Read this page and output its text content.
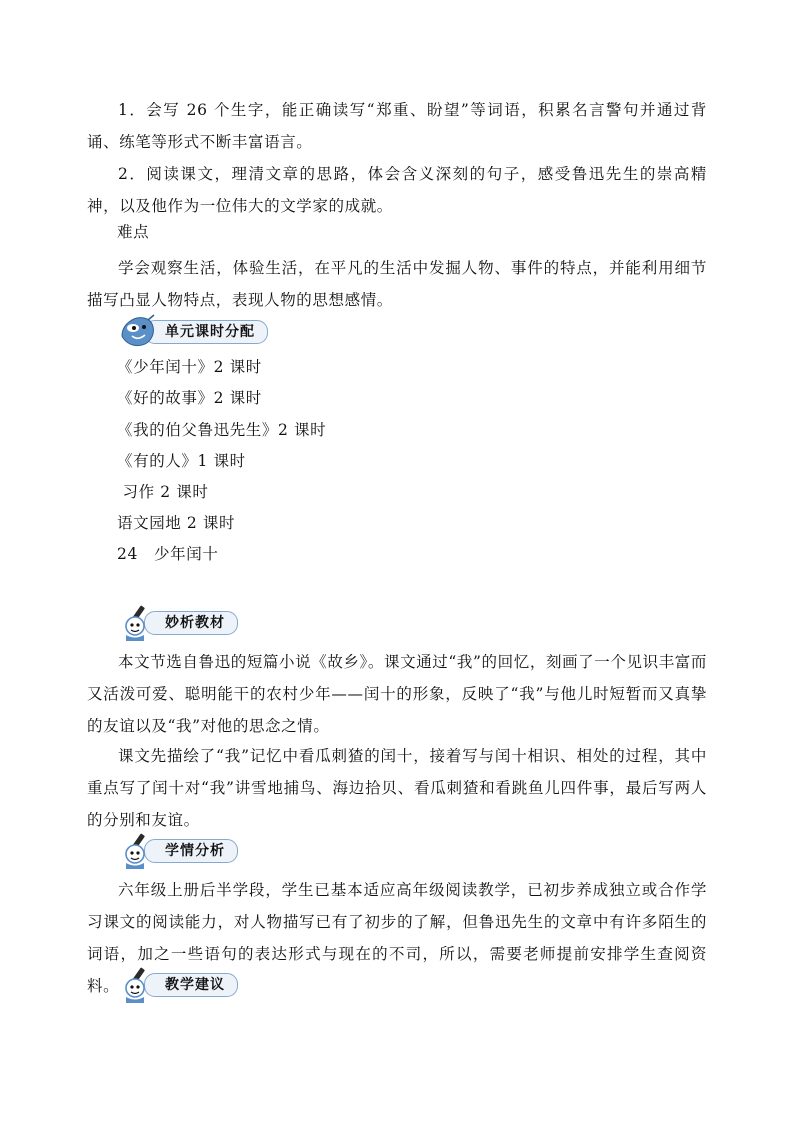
1．会写 26 个生字，能正确读写“郑重、盼望”等词语，积累名言警句并通过背诵、练笔等形式不断丰富语言。

2．阅读课文，理清文章的思路，体会含义深刻的句子，感受鲁迅先生的崇高精神，以及他作为一位伟大的文学家的成就。

难点

学会观察生活，体验生活，在平凡的生活中发掘人物、事件的特点，并能利用细节描写凸显人物特点，表现人物的思想感情。

单元课时分配

《少年闰十》2 课时

《好的故事》2 课时

《我的伯父鲁迅先生》2 课时

《有的人》1 课时

习作 2 课时

语文园地 2 课时

24　少年闰十

妙析教材

本文节选自鲁迅的短篇小说《故乡》。课文通过“我”的回忆，刻画了一个见识丰富而又活泼可爱、聪明能干的农村少年——闰十的形象，反映了“我”与他儿时短暂而又真挚的友谊以及“我”对他的思念之情。

课文先描绘了“我”记忆中看瓜刺猹的闰十，接着写与闰十相识、相处的过程，其中重点写了闰十对“我”讲雪地捕鸟、海边拾贝、看瓜刺猹和看跳鱼儿四件事，最后写两人的分别和友谊。

学情分析

六年级上册后半学段，学生已基本适应高年级阅读教学，已初步养成独立或合作学习课文的阅读能力，对人物描写已有了初步的了解，但鲁迅先生的文章中有许多陌生的词语，加之一些语句的表达形式与现在的不司，所以，需要老师提前安排学生查阅资料。	教学建议
